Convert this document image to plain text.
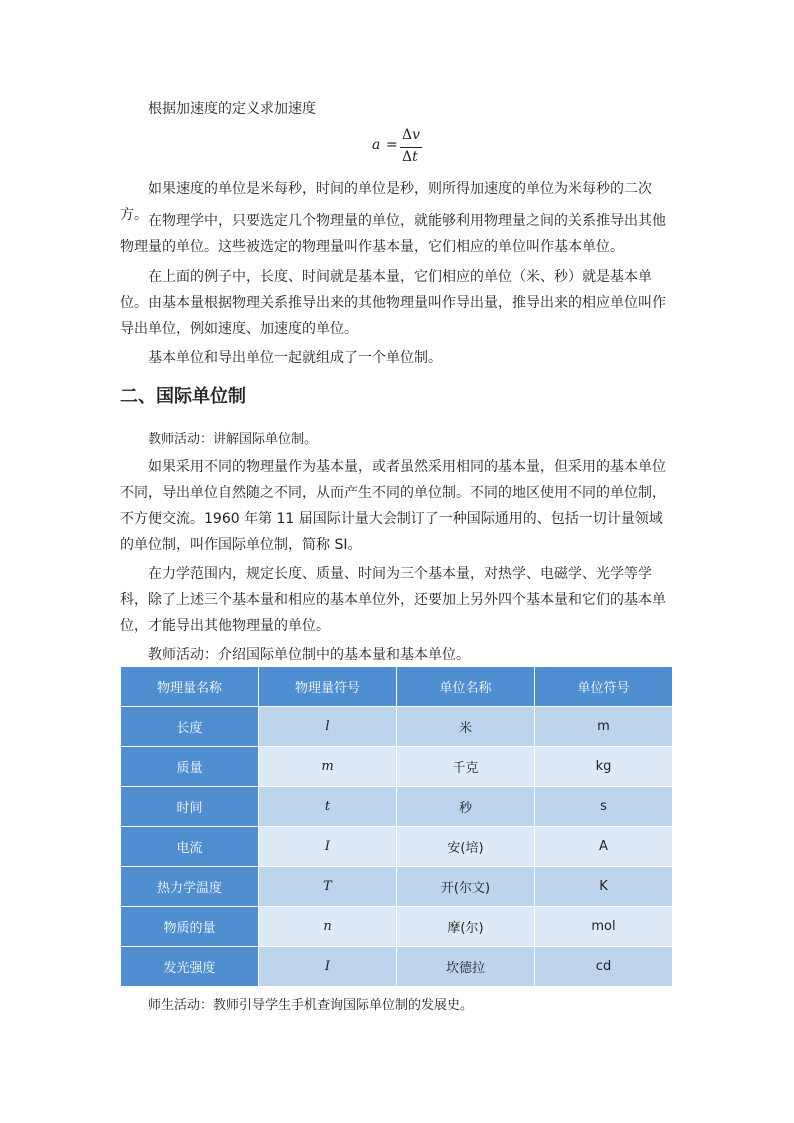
根据加速度的定义求加速度

a =
Δv
Δt

如果速度的单位是米每秒，时间的单位是秒，则所得加速度的单位为米每秒的二次方。 在物理学中，只要选定几个物理量的单位，就能够利用物理量之间的关系推导出其他物理量的单位。这些被选定的物理量叫作基本量，它们相应的单位叫作基本单位。

在上面的例子中，长度、时间就是基本量，它们相应的单位（米、秒）就是基本单位。由基本量根据物理关系推导出来的其他物理量叫作导出量，推导出来的相应单位叫作导出单位，例如速度、加速度的单位。

基本单位和导出单位一起就组成了一个单位制。

二、国际单位制
教师活动：讲解国际单位制。

如果采用不同的物理量作为基本量，或者虽然采用相同的基本量，但采用的基本单位不同，导出单位自然随之不同，从而产生不同的单位制。不同的地区使用不同的单位制，不方便交流。1960 年第 11 届国际计量大会制订了一种国际通用的、包括一切计量领域的单位制，叫作国际单位制，简称 SI。

在力学范围内，规定长度、质量、时间为三个基本量，对热学、电磁学、光学等学科，除了上述三个基本量和相应的基本单位外，还要加上另外四个基本量和它们的基本单位，才能导出其他物理量的单位。

教师活动：介绍国际单位制中的基本量和基本单位。

物理量名称	物理量符号	单位名称	单位符号
长度	l	米	m
质量	m	千克	kg
时间	t	秒	s
电流	I	安(培)	A
热力学温度	T	开(尔文)	K
物质的量	n	摩(尔)	mol
发光强度	I	坎德拉	cd
师生活动：教师引导学生手机查询国际单位制的发展史。
